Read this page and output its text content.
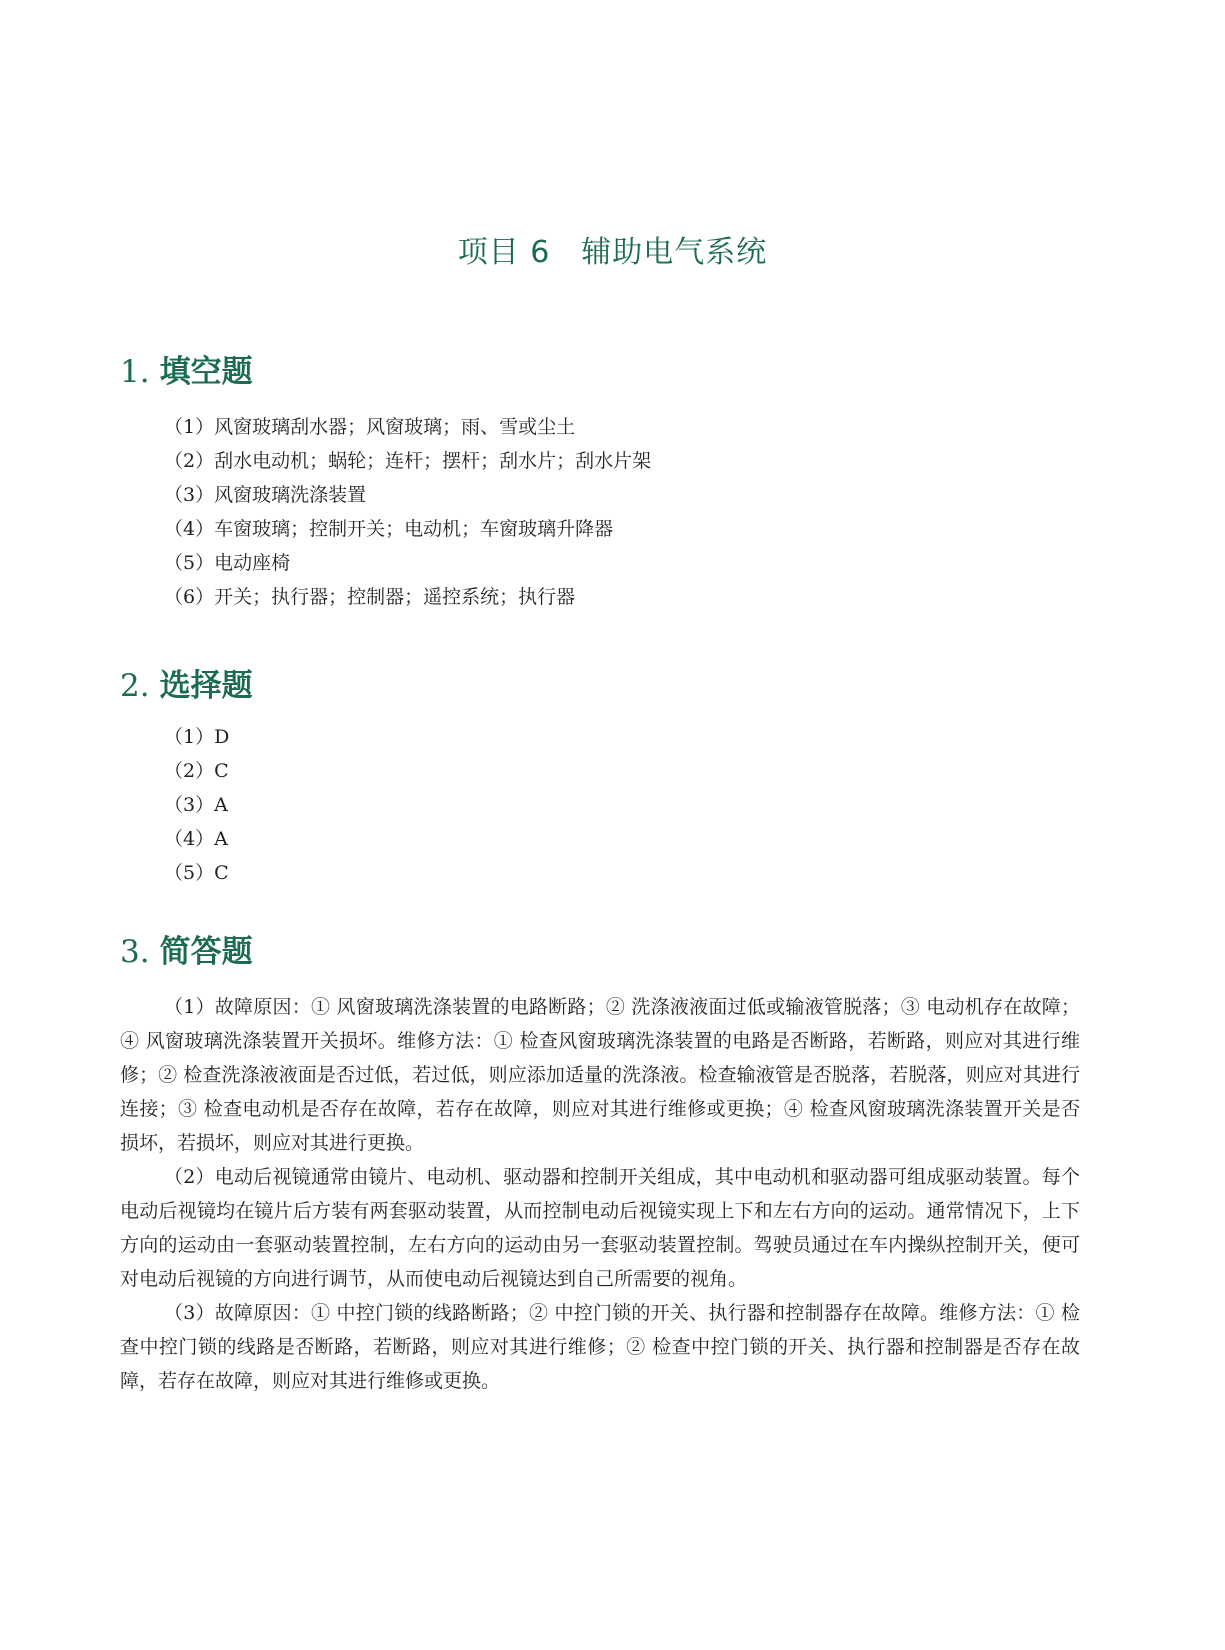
项目 6　辅助电气系统
1. 填空题
（1）风窗玻璃刮水器；风窗玻璃；雨、雪或尘土
（2）刮水电动机；蜗轮；连杆；摆杆；刮水片；刮水片架
（3）风窗玻璃洗涤装置
（4）车窗玻璃；控制开关；电动机；车窗玻璃升降器
（5）电动座椅
（6）开关；执行器；控制器；遥控系统；执行器
2. 选择题
（1）D
（2）C
（3）A
（4）A
（5）C
3. 简答题

（1）故障原因：① 风窗玻璃洗涤装置的电路断路；② 洗涤液液面过低或输液管脱落；③ 电动机存在故障；④ 风窗玻璃洗涤装置开关损坏。维修方法：① 检查风窗玻璃洗涤装置的电路是否断路，若断路，则应对其进行维修；② 检查洗涤液液面是否过低，若过低，则应添加适量的洗涤液。检查输液管是否脱落，若脱落，则应对其进行连接；③ 检查电动机是否存在故障，若存在故障，则应对其进行维修或更换；④ 检查风窗玻璃洗涤装置开关是否损坏，若损坏，则应对其进行更换。

（2）电动后视镜通常由镜片、电动机、驱动器和控制开关组成，其中电动机和驱动器可组成驱动装置。每个电动后视镜均在镜片后方装有两套驱动装置，从而控制电动后视镜实现上下和左右方向的运动。通常情况下，上下方向的运动由一套驱动装置控制，左右方向的运动由另一套驱动装置控制。驾驶员通过在车内操纵控制开关，便可对电动后视镜的方向进行调节，从而使电动后视镜达到自己所需要的视角。

（3）故障原因：① 中控门锁的线路断路；② 中控门锁的开关、执行器和控制器存在故障。维修方法：① 检查中控门锁的线路是否断路，若断路，则应对其进行维修；② 检查中控门锁的开关、执行器和控制器是否存在故障，若存在故障，则应对其进行维修或更换。
